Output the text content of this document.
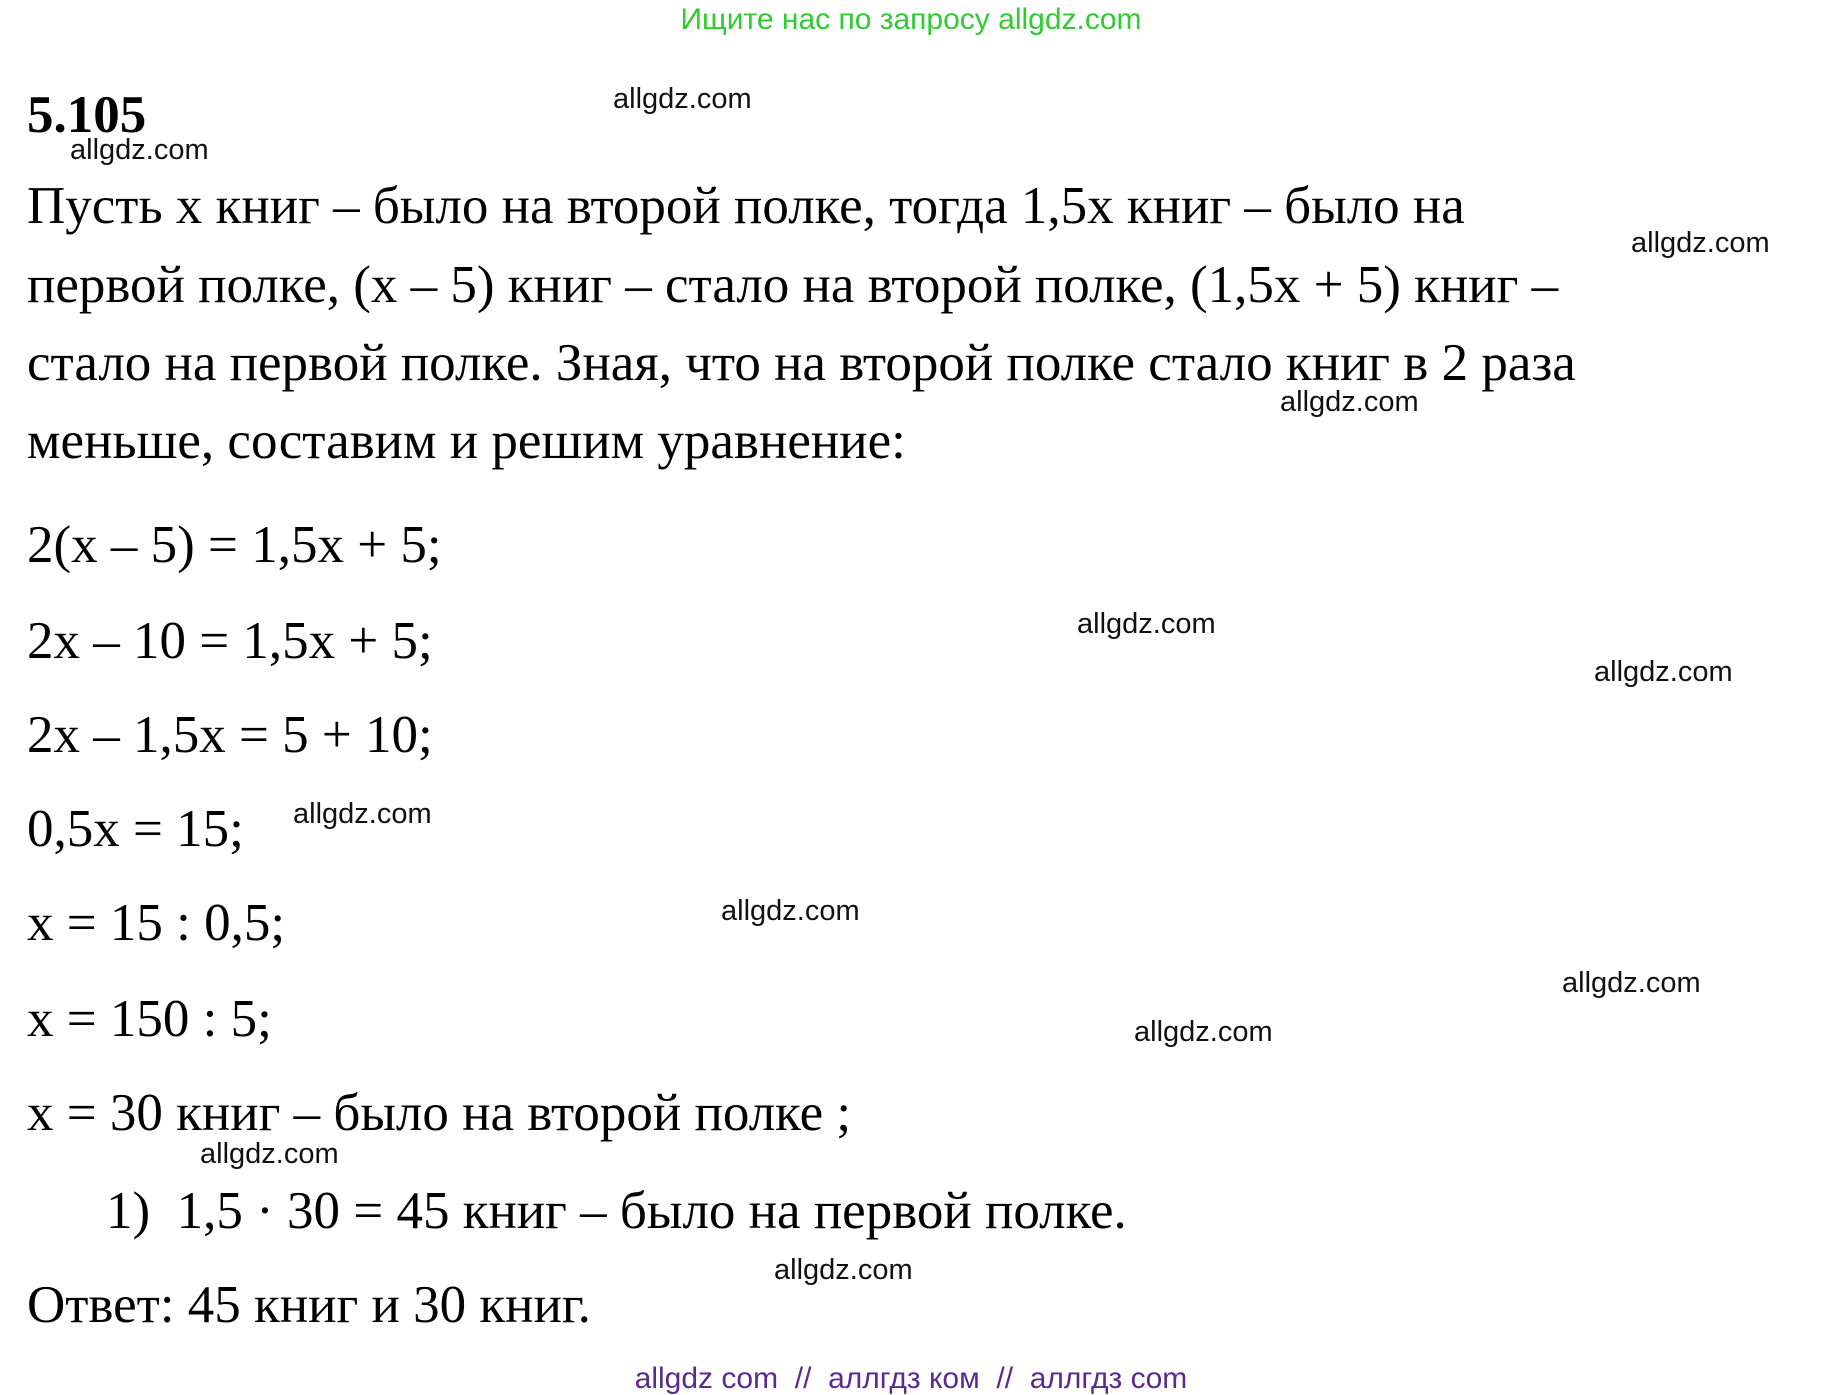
Ищите нас по запросу allgdz.com
5.105
Пусть х книг – было на второй полке, тогда 1,5х книг – было на
первой полке, (х – 5) книг – стало на второй полке, (1,5х + 5) книг –
стало на первой полке. Зная, что на второй полке стало книг в 2 раза
меньше, составим и решим уравнение:
2(х – 5) = 1,5х + 5;
2х – 10 = 1,5х + 5;
2х – 1,5х = 5 + 10;
0,5х = 15;
х = 15 : 0,5;
х = 150 : 5;
х = 30 книг – было на второй полке ;
1)  1,5 · 30 = 45 книг – было на первой полке.
Ответ: 45 книг и 30 книг.
allgdz.com
allgdz.com
allgdz.com
allgdz.com
allgdz.com
allgdz.com
allgdz.com
allgdz.com
allgdz.com
allgdz.com
allgdz.com
allgdz.com
allgdz com  //  аллгдз ком  //  аллгдз com
